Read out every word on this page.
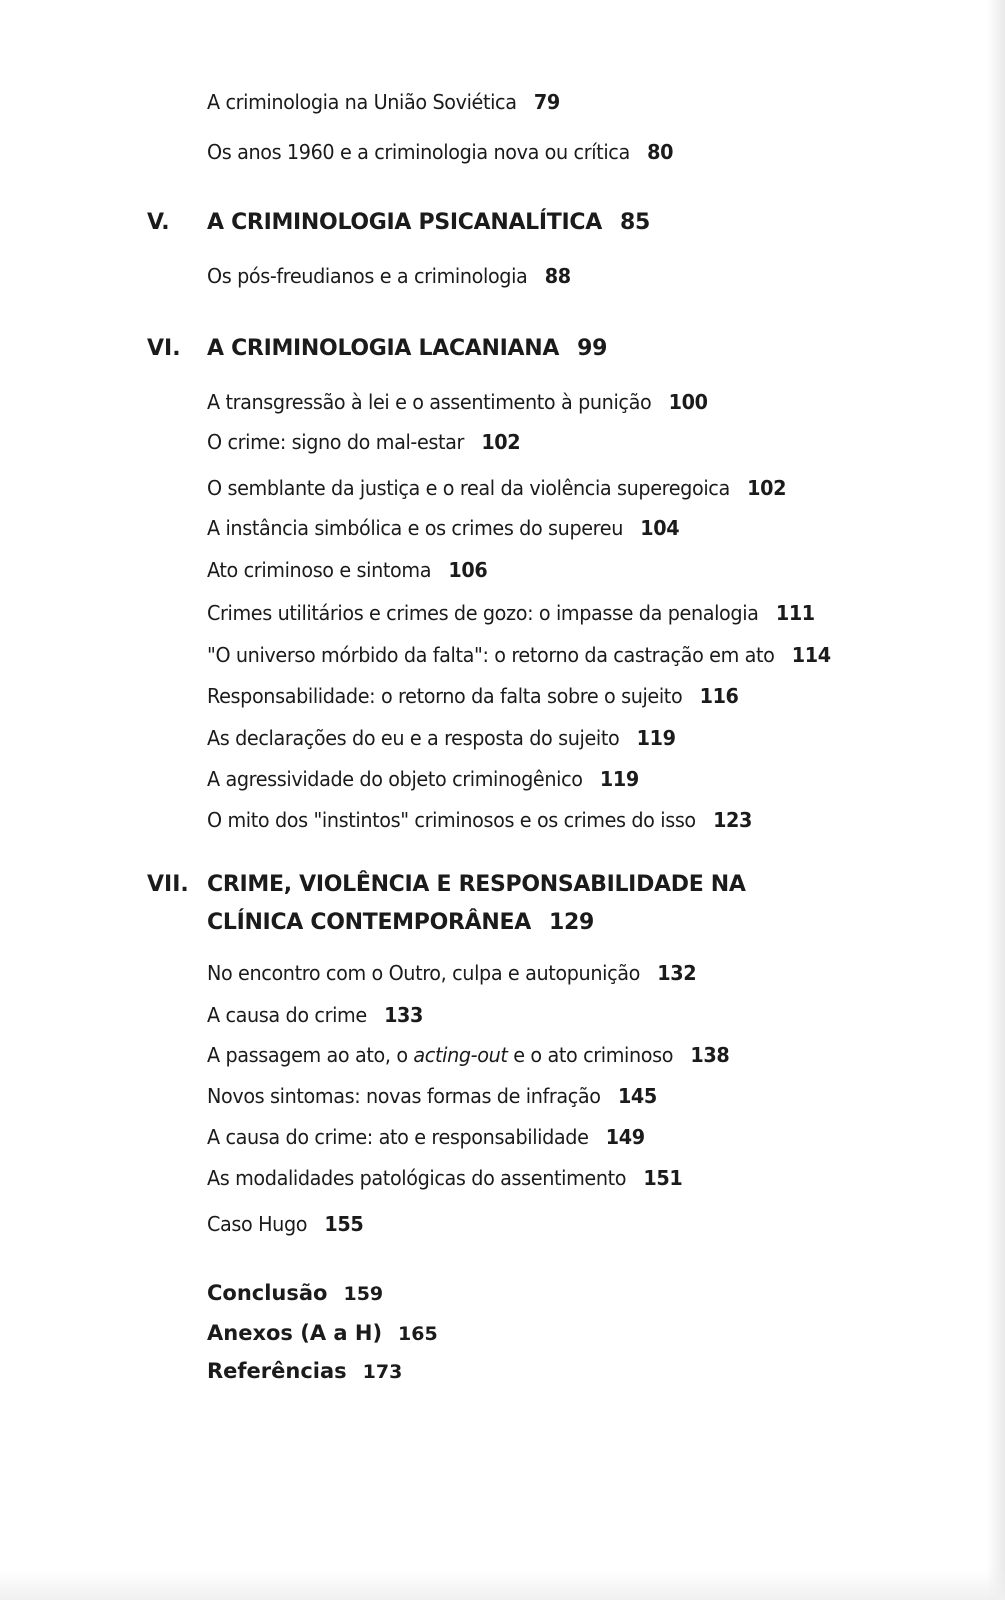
A criminologia na União Soviética 79
Os anos 1960 e a criminologia nova ou crítica 80
V. A CRIMINOLOGIA PSICANALÍTICA 85
Os pós-freudianos e a criminologia 88
VI. A CRIMINOLOGIA LACANIANA 99
A transgressão à lei e o assentimento à punição 100
O crime: signo do mal-estar 102
O semblante da justiça e o real da violência superegoica 102
A instância simbólica e os crimes do supereu 104
Ato criminoso e sintoma 106
Crimes utilitários e crimes de gozo: o impasse da penalogia 111
"O universo mórbido da falta": o retorno da castração em ato 114
Responsabilidade: o retorno da falta sobre o sujeito 116
As declarações do eu e a resposta do sujeito 119
A agressividade do objeto criminogênico 119
O mito dos "instintos" criminosos e os crimes do isso 123
VII. CRIME, VIOLÊNCIA E RESPONSABILIDADE NA
CLÍNICA CONTEMPORÂNEA 129
No encontro com o Outro, culpa e autopunição 132
A causa do crime 133
A passagem ao ato, o acting-out e o ato criminoso 138
Novos sintomas: novas formas de infração 145
A causa do crime: ato e responsabilidade 149
As modalidades patológicas do assentimento 151
Caso Hugo 155
Conclusão 159
Anexos (A a H) 165
Referências 173
